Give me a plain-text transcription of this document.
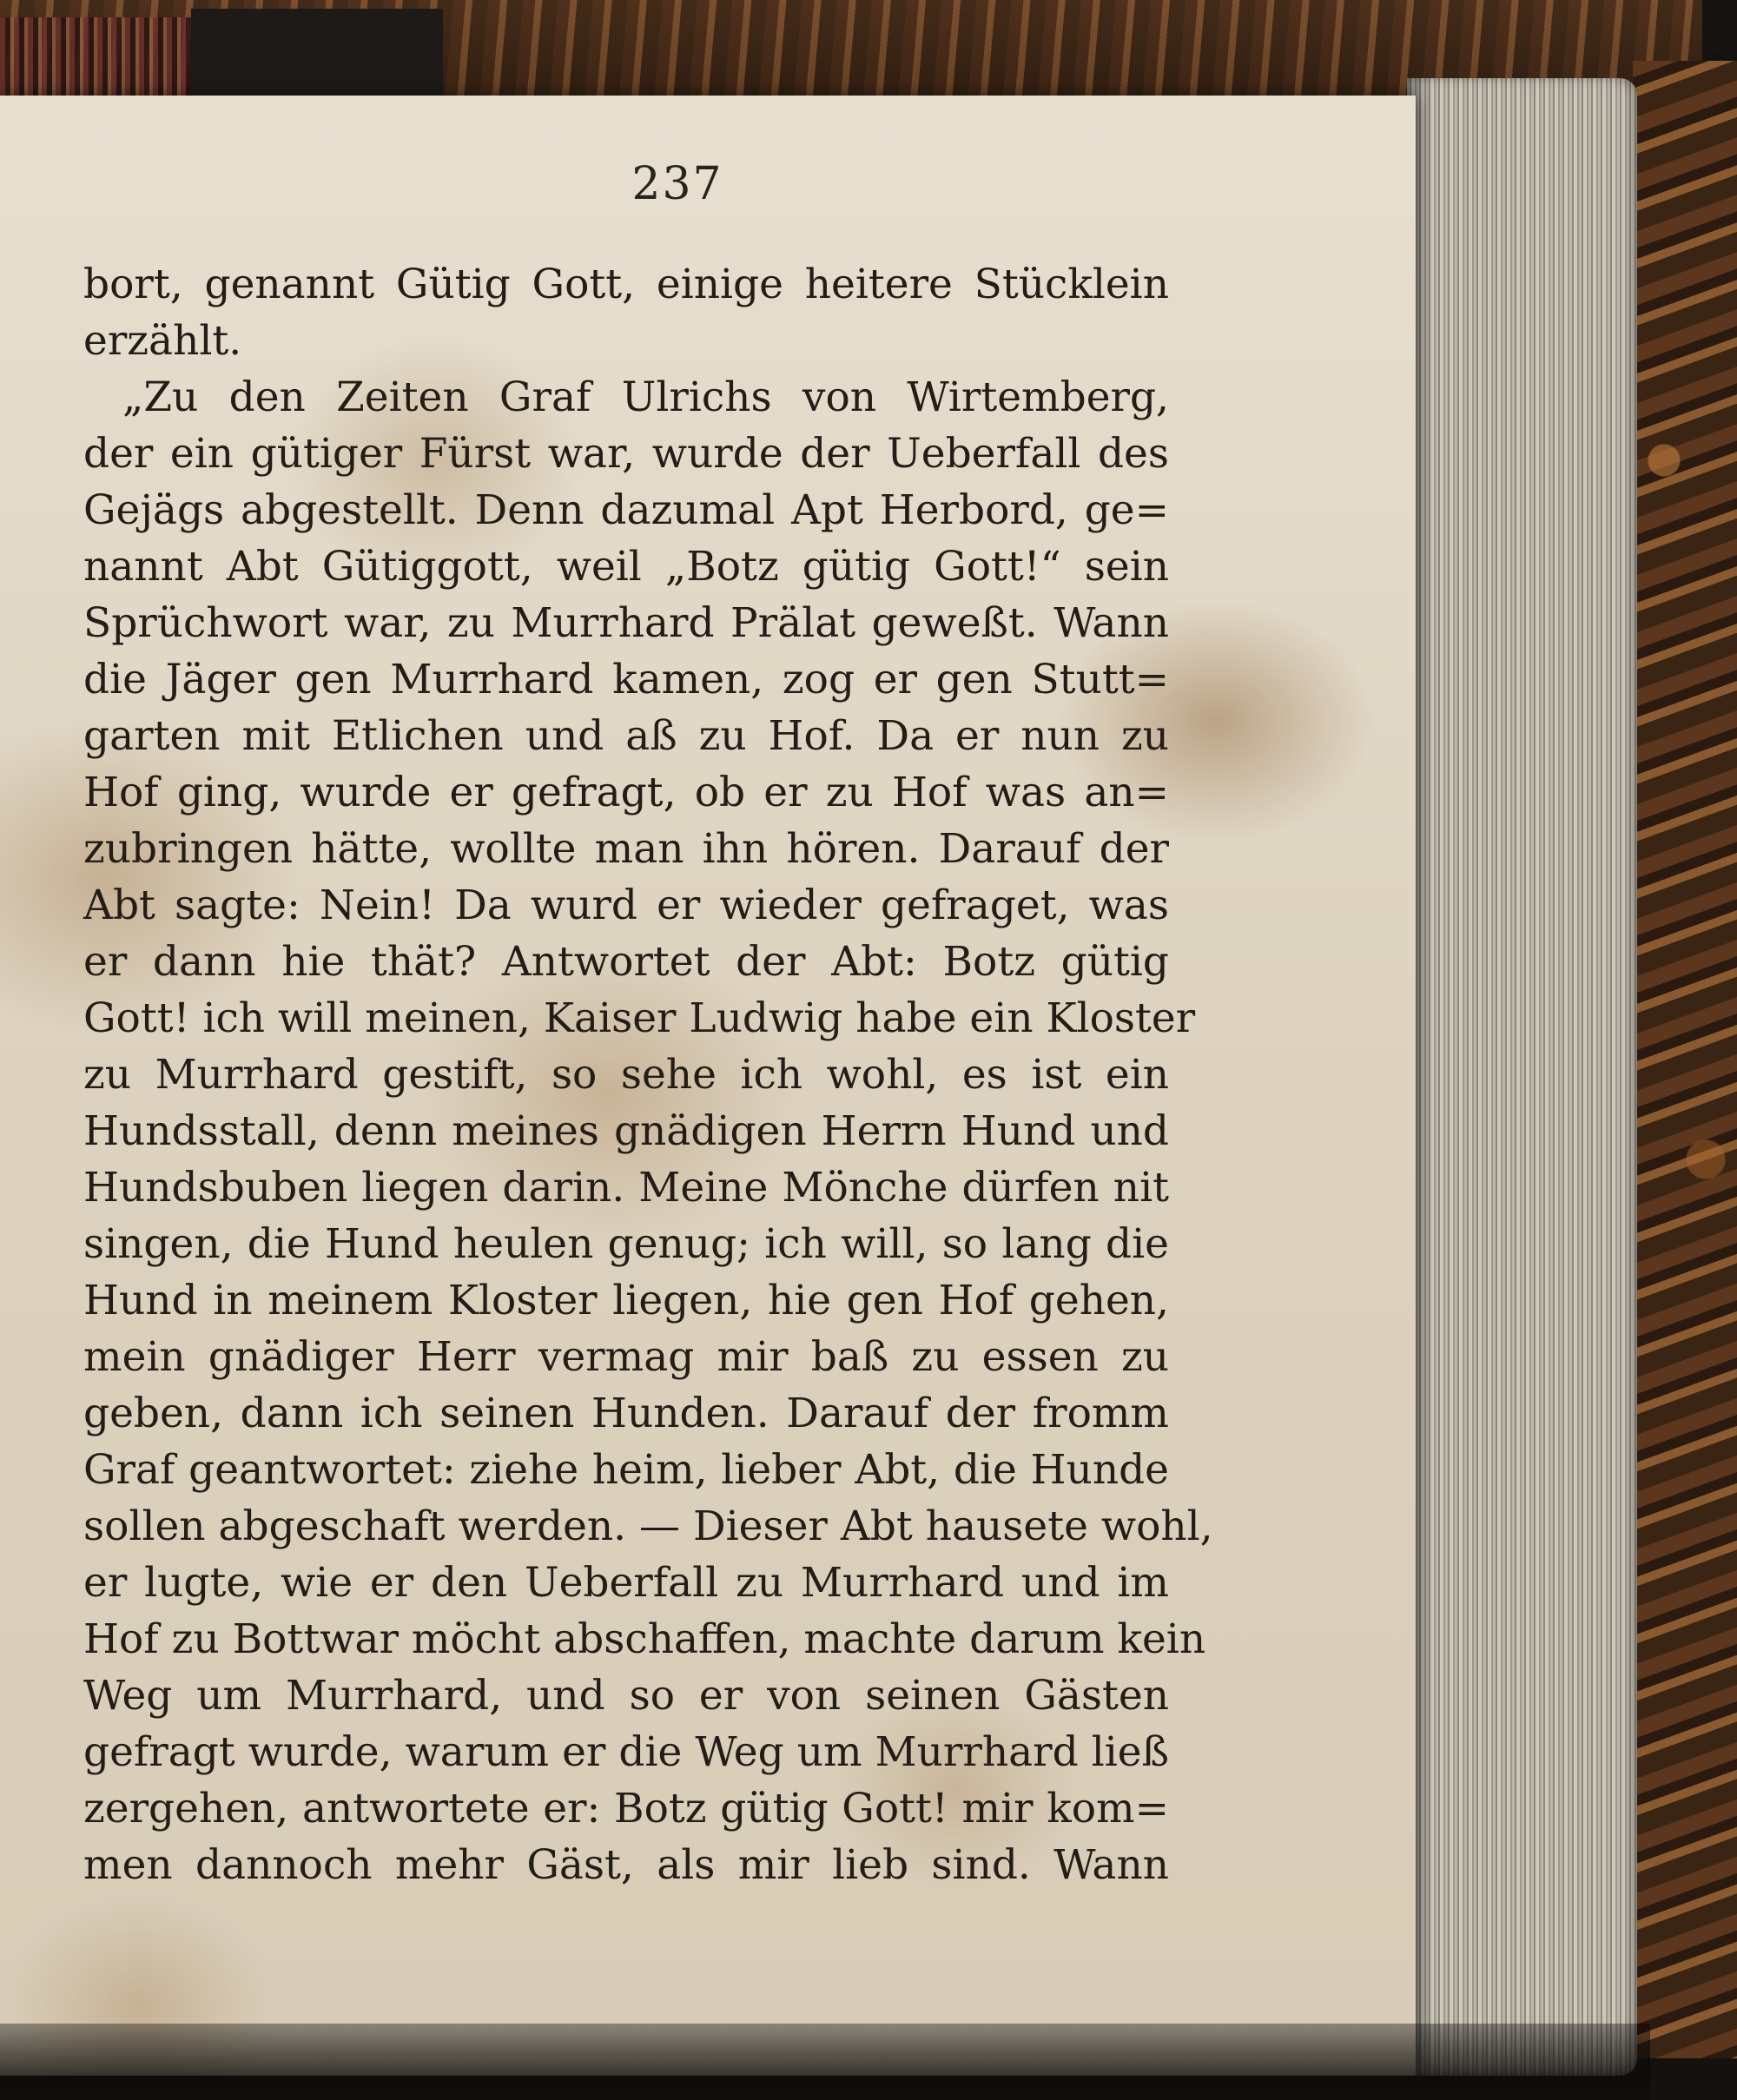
237
bort, genannt Gütig Gott, einige heitere Stücklein
erzählt.
„Zu den Zeiten Graf Ulrichs von Wirtemberg,
der ein gütiger Fürst war, wurde der Ueberfall des
Gejägs abgestellt. Denn dazumal Apt Herbord, ge=
nannt Abt Gütiggott, weil „Botz gütig Gott!“ sein
Sprüchwort war, zu Murrhard Prälat geweßt. Wann
die Jäger gen Murrhard kamen, zog er gen Stutt=
garten mit Etlichen und aß zu Hof. Da er nun zu
Hof ging, wurde er gefragt, ob er zu Hof was an=
zubringen hätte, wollte man ihn hören. Darauf der
Abt sagte: Nein! Da wurd er wieder gefraget, was
er dann hie thät? Antwortet der Abt: Botz gütig
Gott! ich will meinen, Kaiser Ludwig habe ein Kloster
zu Murrhard gestift, so sehe ich wohl, es ist ein
Hundsstall, denn meines gnädigen Herrn Hund und
Hundsbuben liegen darin. Meine Mönche dürfen nit
singen, die Hund heulen genug; ich will, so lang die
Hund in meinem Kloster liegen, hie gen Hof gehen,
mein gnädiger Herr vermag mir baß zu essen zu
geben, dann ich seinen Hunden. Darauf der fromm
Graf geantwortet: ziehe heim, lieber Abt, die Hunde
sollen abgeschaft werden. — Dieser Abt hausete wohl,
er lugte, wie er den Ueberfall zu Murrhard und im
Hof zu Bottwar möcht abschaffen, machte darum kein
Weg um Murrhard, und so er von seinen Gästen
gefragt wurde, warum er die Weg um Murrhard ließ
zergehen, antwortete er: Botz gütig Gott! mir kom=
men dannoch mehr Gäst, als mir lieb sind. Wann
